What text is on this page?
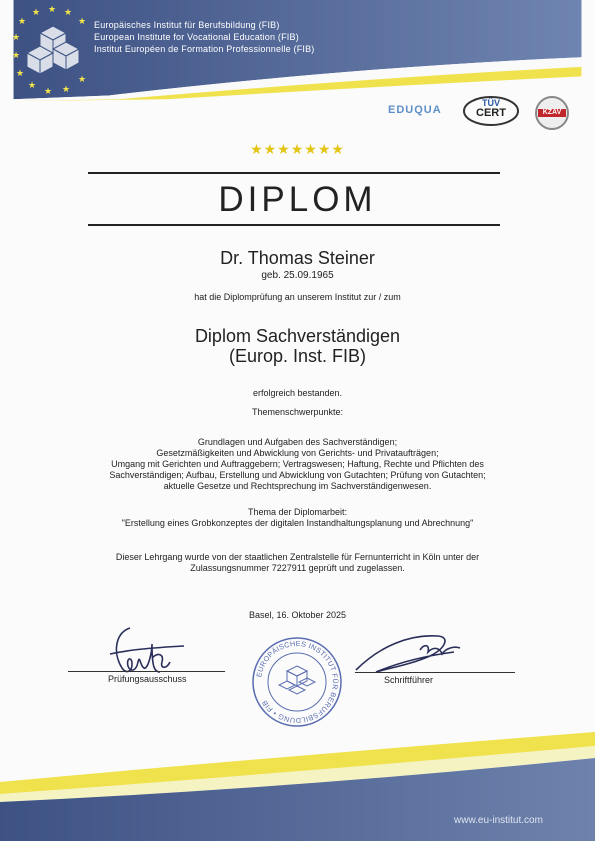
★
★ ★ ★
★
★
★
★
★
★ ★
★
Europäisches Institut für Berufsbildung (FIB)
European Institute for Vocational Education (FIB)
Institut Européen de Formation Professionnelle (FIB)
EDUQUA
TÜV
CERT	KZAV
★★★★★★★
DIPLOM
Dr. Thomas Steiner
geb. 25.09.1965
hat die Diplomprüfung an unserem Institut zur / zum
Diplom Sachverständigen
(Europ. Inst. FIB)
erfolgreich bestanden.
Themenschwerpunkte:
Grundlagen und Aufgaben des Sachverständigen;
Gesetzmäßigkeiten und Abwicklung von Gerichts- und Privataufträgen;
Umgang mit Gerichten und Auftraggebern; Vertragswesen; Haftung, Rechte und Pflichten des
Sachverständigen; Aufbau, Erstellung und Abwicklung von Gutachten; Prüfung von Gutachten;
aktuelle Gesetze und Rechtsprechung im Sachverständigenwesen.
Thema der Diplomarbeit:
"Erstellung eines Grobkonzeptes der digitalen Instandhaltungsplanung und Abrechnung"
Dieser Lehrgang wurde von der staatlichen Zentralstelle für Fernunterricht in Köln unter der
Zulassungsnummer 7227911 geprüft und zugelassen.
Basel, 16. Oktober 2025
Prüfungsausschuss	Schriftführer
EUROPÄISCHES INSTITUT FÜR BERUFSBILDUNG • FIB
www.eu-institut.com
